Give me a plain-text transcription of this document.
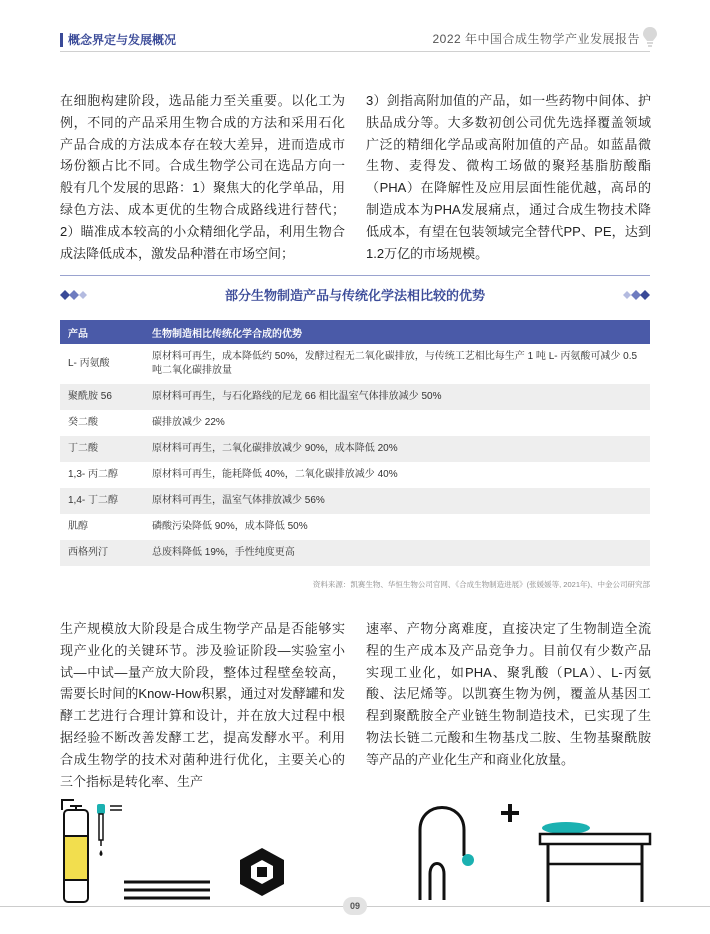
概念界定与发展概况	2022 年中国合成生物学产业发展报告
在细胞构建阶段，选品能力至关重要。以化工为例，不同的产品采用生物合成的方法和采用石化产品合成的方法成本存在较大差异，进而造成市场份额占比不同。合成生物学公司在选品方向一般有几个发展的思路：1）聚焦大的化学单品，用绿色方法、成本更优的生物合成路线进行替代；2）瞄准成本较高的小众精细化学品，利用生物合成法降低成本，激发品种潜在市场空间；
3）剑指高附加值的产品，如一些药物中间体、护肤品成分等。大多数初创公司优先选择覆盖领域广泛的精细化学品或高附加值的产品。如蓝晶微生物、麦得发、微构工场做的聚羟基脂肪酸酯（PHA）在降解性及应用层面性能优越，高昂的制造成本为PHA发展痛点，通过合成生物技术降低成本，有望在包装领域完全替代PP、PE，达到1.2万亿的市场规模。
部分生物制造产品与传统化学法相比较的优势
产品	生物制造相比传统化学合成的优势
L- 丙氨酸	原材料可再生，成本降低约 50%，发酵过程无二氧化碳排放，与传统工艺相比每生产 1 吨 L- 丙氨酸可减少 0.5 吨二氧化碳排放量
聚酰胺 56	原材料可再生，与石化路线的尼龙 66 相比温室气体排放减少 50%
癸二酸	碳排放减少 22%
丁二酸	原材料可再生，二氧化碳排放减少 90%，成本降低 20%
1,3- 丙二醇	原材料可再生，能耗降低 40%，二氧化碳排放减少 40%
1,4- 丁二醇	原材料可再生，温室气体排放减少 56%
肌醇	磷酸污染降低 90%，成本降低 50%
西格列汀	总废料降低 19%，手性纯度更高
资料来源：凯赛生物、华恒生物公司官网、《合成生物制造进展》(张媛媛等, 2021年)、中金公司研究部
生产规模放大阶段是合成生物学产品是否能够实现产业化的关键环节。涉及验证阶段—实验室小试—中试—量产放大阶段，整体过程壁垒较高，需要长时间的Know-How积累，通过对发酵罐和发酵工艺进行合理计算和设计，并在放大过程中根据经验不断改善发酵工艺，提高发酵水平。利用合成生物学的技术对菌种进行优化，主要关心的三个指标是转化率、生产
速率、产物分离难度，直接决定了生物制造全流程的生产成本及产品竞争力。目前仅有少数产品实现工业化，如PHA、聚乳酸（PLA）、L-丙氨酸、法尼烯等。以凯赛生物为例，覆盖从基因工程到聚酰胺全产业链生物制造技术，已实现了生物法长链二元酸和生物基戊二胺、生物基聚酰胺等产品的产业化生产和商业化放量。
09
